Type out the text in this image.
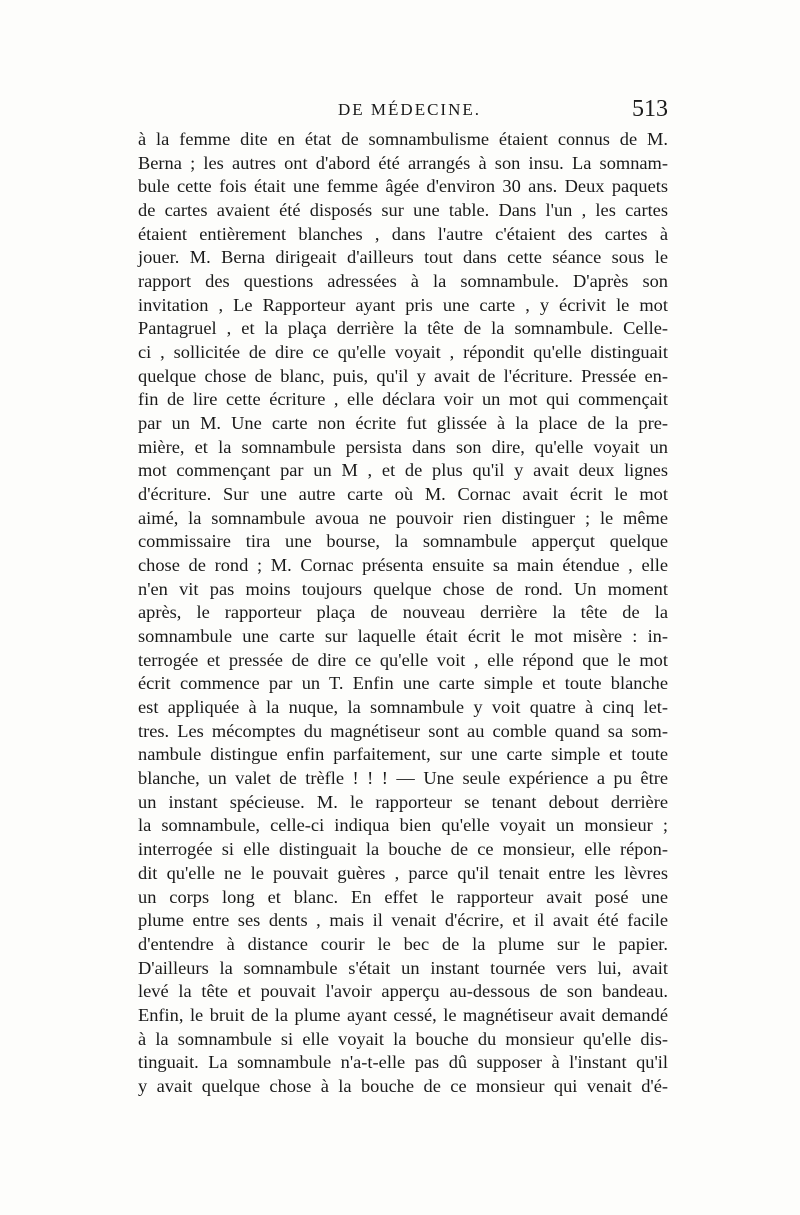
DE MÉDECINE.	513
à la femme dite en état de somnambulisme étaient connus de M.
Berna ; les autres ont d'abord été arrangés à son insu. La somnam-
bule cette fois était une femme âgée d'environ 30 ans. Deux paquets
de cartes avaient été disposés sur une table. Dans l'un , les cartes
étaient entièrement blanches , dans l'autre c'étaient des cartes à
jouer. M. Berna dirigeait d'ailleurs tout dans cette séance sous le
rapport des questions adressées à la somnambule. D'après son
invitation , Le Rapporteur ayant pris une carte , y écrivit le mot
Pantagruel , et la plaça derrière la tête de la somnambule. Celle-
ci , sollicitée de dire ce qu'elle voyait , répondit qu'elle distinguait
quelque chose de blanc, puis, qu'il y avait de l'écriture. Pressée en-
fin de lire cette écriture , elle déclara voir un mot qui commençait
par un M. Une carte non écrite fut glissée à la place de la pre-
mière, et la somnambule persista dans son dire, qu'elle voyait un
mot commençant par un M , et de plus qu'il y avait deux lignes
d'écriture. Sur une autre carte où M. Cornac avait écrit le mot
aimé, la somnambule avoua ne pouvoir rien distinguer ; le même
commissaire tira une bourse, la somnambule apperçut quelque
chose de rond ; M. Cornac présenta ensuite sa main étendue , elle
n'en vit pas moins toujours quelque chose de rond. Un moment
après, le rapporteur plaça de nouveau derrière la tête de la
somnambule une carte sur laquelle était écrit le mot misère : in-
terrogée et pressée de dire ce qu'elle voit , elle répond que le mot
écrit commence par un T. Enfin une carte simple et toute blanche
est appliquée à la nuque, la somnambule y voit quatre à cinq let-
tres. Les mécomptes du magnétiseur sont au comble quand sa som-
nambule distingue enfin parfaitement, sur une carte simple et toute
blanche, un valet de trèfle ! ! ! — Une seule expérience a pu être
un instant spécieuse. M. le rapporteur se tenant debout derrière
la somnambule, celle-ci indiqua bien qu'elle voyait un monsieur ;
interrogée si elle distinguait la bouche de ce monsieur, elle répon-
dit qu'elle ne le pouvait guères , parce qu'il tenait entre les lèvres
un corps long et blanc. En effet le rapporteur avait posé une
plume entre ses dents , mais il venait d'écrire, et il avait été facile
d'entendre à distance courir le bec de la plume sur le papier.
D'ailleurs la somnambule s'était un instant tournée vers lui, avait
levé la tête et pouvait l'avoir apperçu au-dessous de son bandeau.
Enfin, le bruit de la plume ayant cessé, le magnétiseur avait demandé
à la somnambule si elle voyait la bouche du monsieur qu'elle dis-
tinguait. La somnambule n'a-t-elle pas dû supposer à l'instant qu'il
y avait quelque chose à la bouche de ce monsieur qui venait d'é-
